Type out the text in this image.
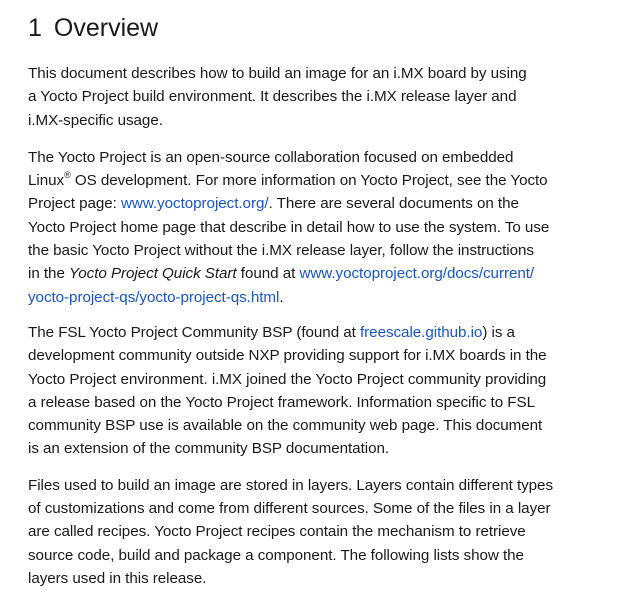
1 Overview

This document describes how to build an image for an i.MX board by using
a Yocto Project build environment. It describes the i.MX release layer and
i.MX-specific usage.

The Yocto Project is an open-source collaboration focused on embedded
Linux® OS development. For more information on Yocto Project, see the Yocto
Project page: www.yoctoproject.org/. There are several documents on the
Yocto Project home page that describe in detail how to use the system. To use
the basic Yocto Project without the i.MX release layer, follow the instructions
in the Yocto Project Quick Start found at www.yoctoproject.org/docs/current/
yocto-project-qs/yocto-project-qs.html.

The FSL Yocto Project Community BSP (found at freescale.github.io) is a
development community outside NXP providing support for i.MX boards in the
Yocto Project environment. i.MX joined the Yocto Project community providing
a release based on the Yocto Project framework. Information specific to FSL
community BSP use is available on the community web page. This document
is an extension of the community BSP documentation.

Files used to build an image are stored in layers. Layers contain different types
of customizations and come from different sources. Some of the files in a layer
are called recipes. Yocto Project recipes contain the mechanism to retrieve
source code, build and package a component. The following lists show the
layers used in this release.
